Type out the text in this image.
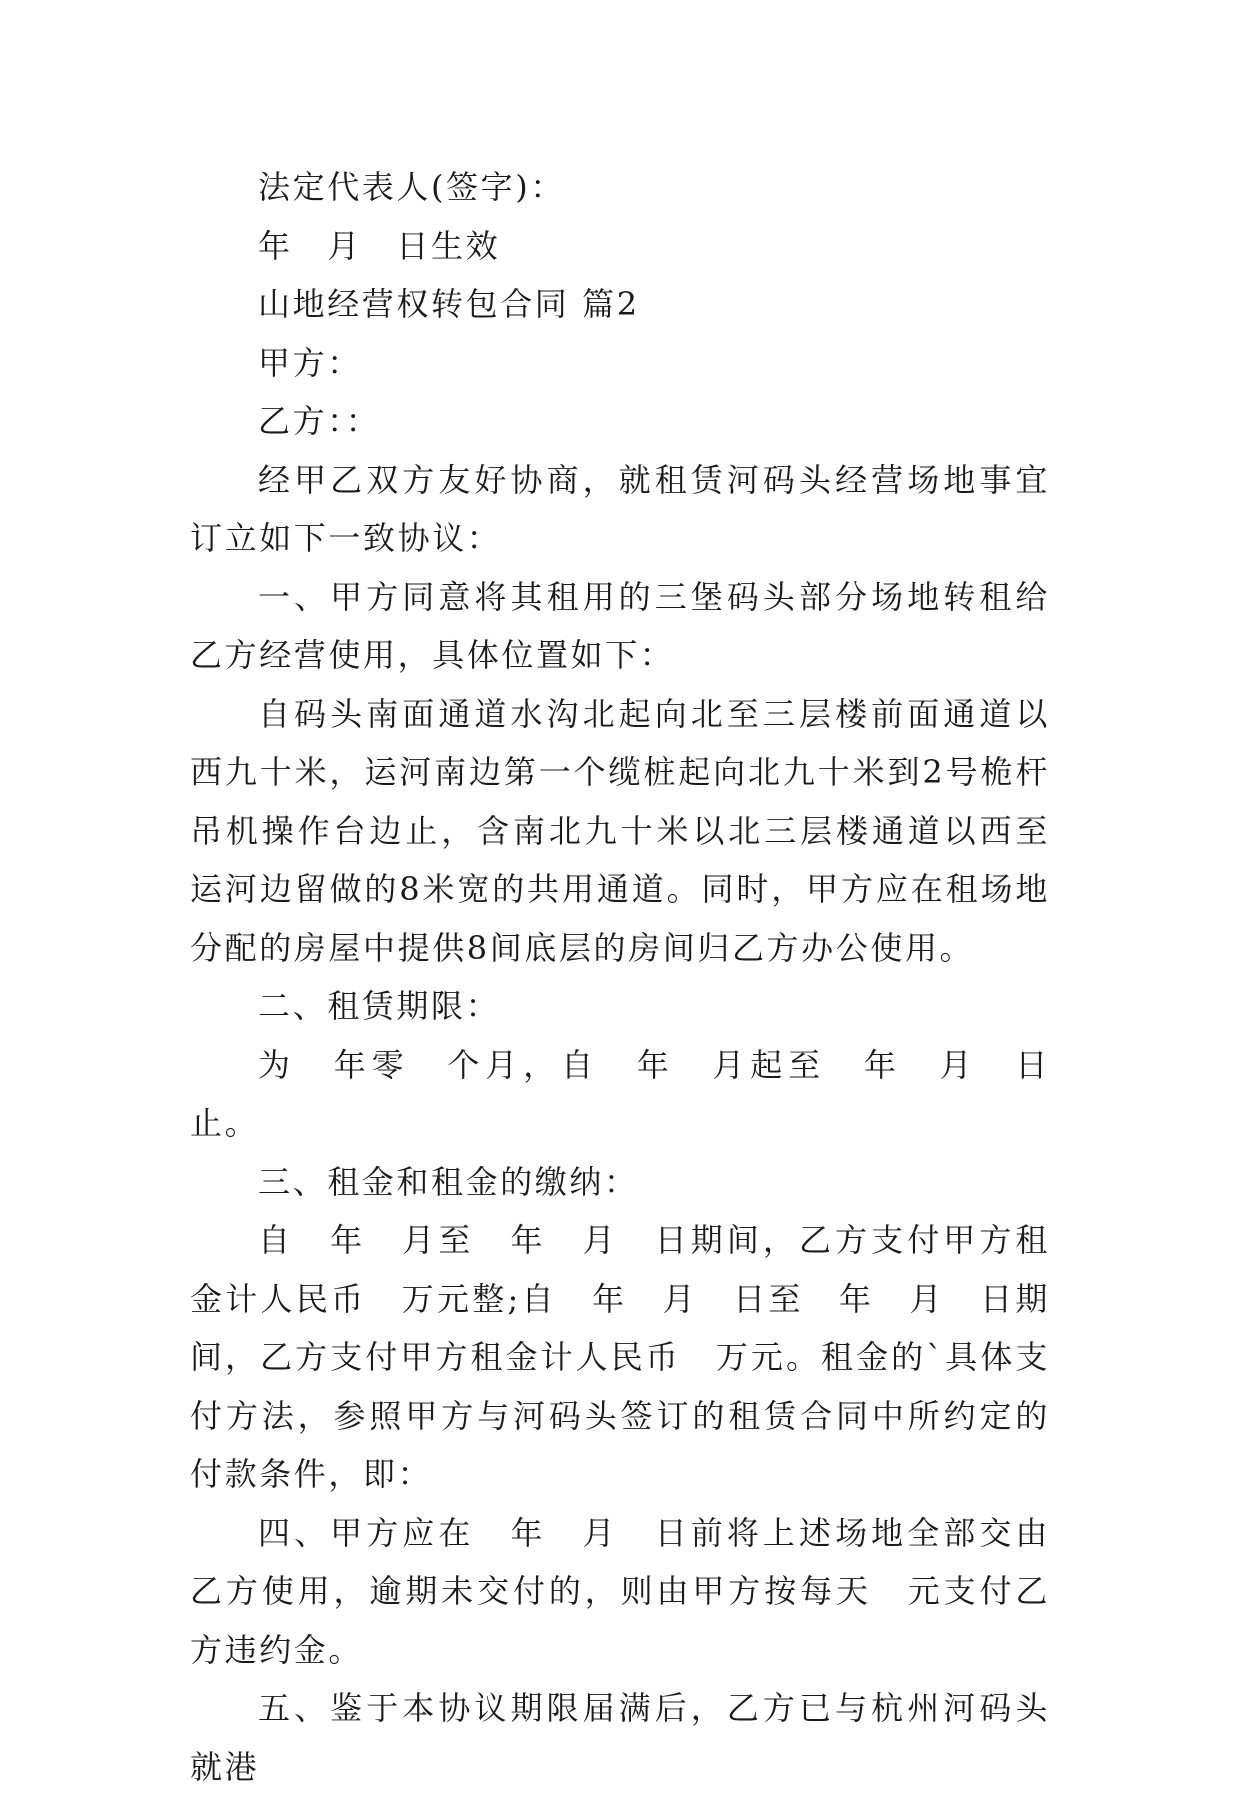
法定代表人(签字)：

年　月　日生效

山地经营权转包合同 篇2

甲方：

乙方：：

经甲乙双方友好协商，就租赁河码头经营场地事宜订立如下一致协议：

一、甲方同意将其租用的三堡码头部分场地转租给乙方经营使用，具体位置如下：

自码头南面通道水沟北起向北至三层楼前面通道以西九十米，运河南边第一个缆桩起向北九十米到2号桅杆吊机操作台边止，含南北九十米以北三层楼通道以西至运河边留做的8米宽的共用通道。同时，甲方应在租场地分配的房屋中提供8间底层的房间归乙方办公使用。

二、租赁期限：

为　年零　个月，自　年　月起至　年　月　日止。

三、租金和租金的缴纳：

自　年　月至　年　月　日期间，乙方支付甲方租金计人民币　万元整;自　年　月　日至　年　月　日期间，乙方支付甲方租金计人民币　万元。租金的`具体支付方法，参照甲方与河码头签订的租赁合同中所约定的付款条件，即：

四、甲方应在　年　月　日前将上述场地全部交由乙方使用，逾期未交付的，则由甲方按每天　元支付乙方违约金。

五、鉴于本协议期限届满后，乙方已与杭州河码头就港
